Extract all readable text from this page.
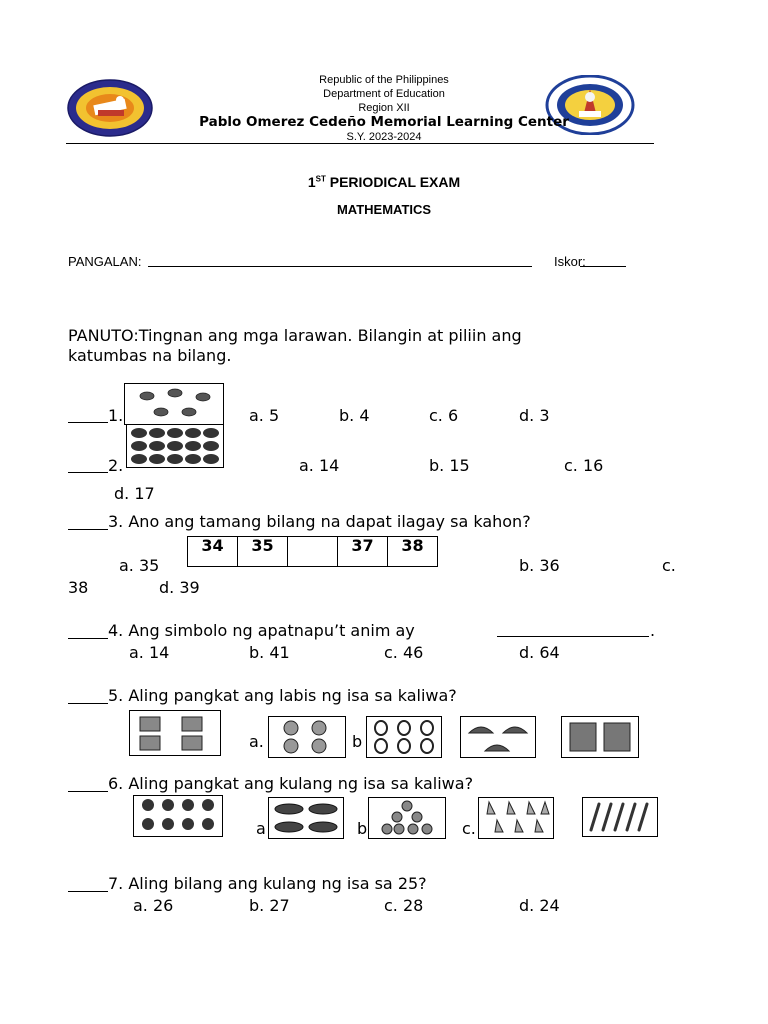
Republic of the Philippines
Department of Education
Region XII
Pablo Omerez Cedeño Memorial Learning Center
S.Y. 2023-2024
1ST PERIODICAL EXAM
MATHEMATICS
PANGALAN:	Iskor:
PANUTO:Tingnan ang mga larawan. Bilangin at piliin ang
katumbas na bilang.
1.	a. 5	b. 4	c. 6	d. 3
2.	a. 14	b. 15	c. 16
d. 17
3. Ano ang tamang bilang na dapat ilagay sa kahon?
34	35	37	38
a. 35	b. 36	c.
38	d. 39
4. Ang simbolo ng apatnapu’t anim ay	.
a. 14	b. 41	c. 46	d. 64
5. Aling pangkat ang labis ng isa sa kaliwa?
a.	b
6. Aling pangkat ang kulang ng isa sa kaliwa?
a	b	c.
7. Aling bilang ang kulang ng isa sa 25?
a. 26	b. 27	c. 28	d. 24
